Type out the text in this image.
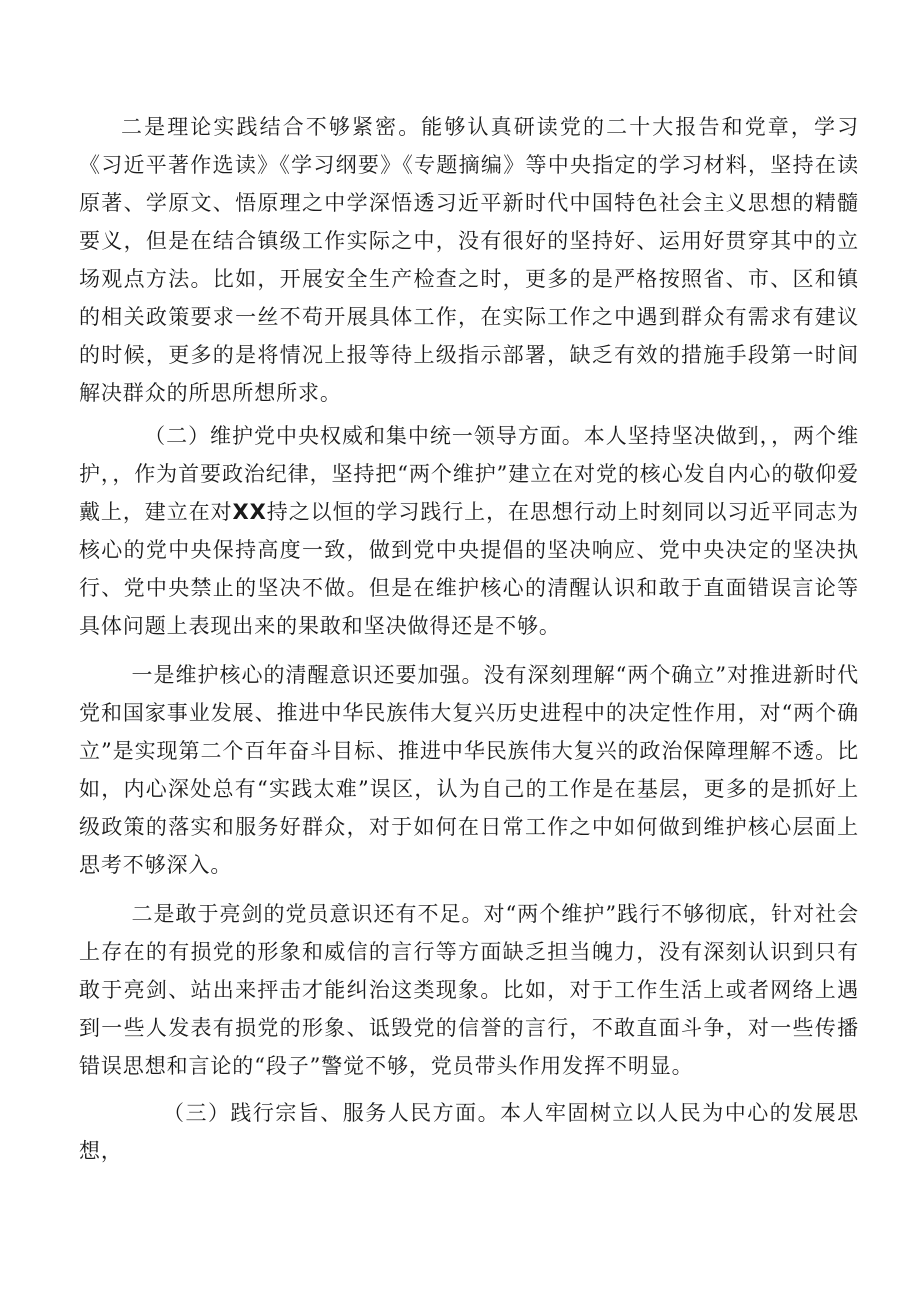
二是理论实践结合不够紧密。能够认真研读党的二十大报告和党章，学习《习近平著作选读》《学习纲要》《专题摘编》等中央指定的学习材料，坚持在读原著、学原文、悟原理之中学深悟透习近平新时代中国特色社会主义思想的精髓要义，但是在结合镇级工作实际之中，没有很好的坚持好、运用好贯穿其中的立场观点方法。比如，开展安全生产检查之时，更多的是严格按照省、市、区和镇的相关政策要求一丝不苟开展具体工作，在实际工作之中遇到群众有需求有建议的时候，更多的是将情况上报等待上级指示部署，缺乏有效的措施手段第一时间解决群众的所思所想所求。

（二）维护党中央权威和集中统一领导方面。本人坚持坚决做到，，两个维护，，作为首要政治纪律，坚持把“两个维护”建立在对党的核心发自内心的敬仰爱戴上，建立在对XX持之以恒的学习践行上，在思想行动上时刻同以习近平同志为核心的党中央保持高度一致，做到党中央提倡的坚决响应、党中央决定的坚决执行、党中央禁止的坚决不做。但是在维护核心的清醒认识和敢于直面错误言论等具体问题上表现出来的果敢和坚决做得还是不够。

一是维护核心的清醒意识还要加强。没有深刻理解“两个确立”对推进新时代党和国家事业发展、推进中华民族伟大复兴历史进程中的决定性作用，对“两个确立”是实现第二个百年奋斗目标、推进中华民族伟大复兴的政治保障理解不透。比如，内心深处总有“实践太难”误区，认为自己的工作是在基层，更多的是抓好上级政策的落实和服务好群众，对于如何在日常工作之中如何做到维护核心层面上思考不够深入。

二是敢于亮剑的党员意识还有不足。对“两个维护”践行不够彻底，针对社会上存在的有损党的形象和威信的言行等方面缺乏担当魄力，没有深刻认识到只有敢于亮剑、站出来抨击才能纠治这类现象。比如，对于工作生活上或者网络上遇到一些人发表有损党的形象、诋毁党的信誉的言行，不敢直面斗争，对一些传播错误思想和言论的“段子”警觉不够，党员带头作用发挥不明显。

（三）践行宗旨、服务人民方面。本人牢固树立以人民为中心的发展思想，
